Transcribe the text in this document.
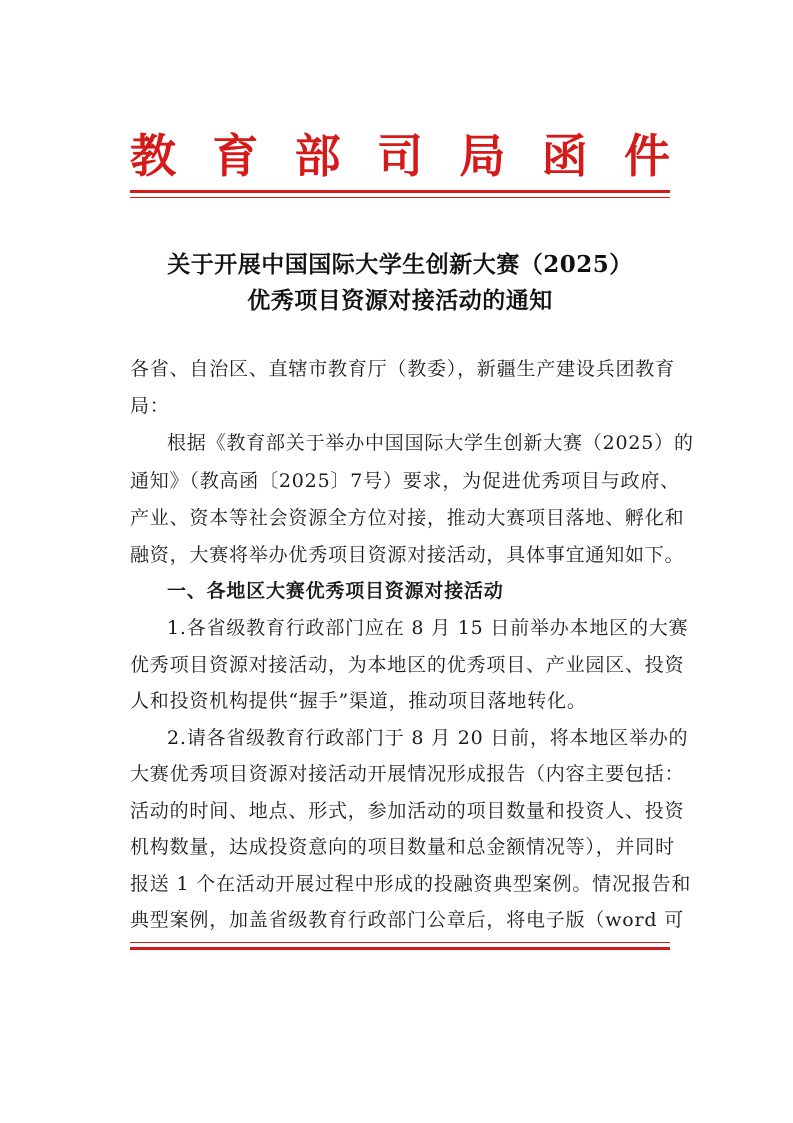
教 育 部 司 局 函 件
关于开展中国国际大学生创新大赛（2025）
优秀项目资源对接活动的通知
各省、自治区、直辖市教育厅（教委），新疆生产建设兵团教育
局：
根据《教育部关于举办中国国际大学生创新大赛（2025）的
通知》（教高函〔2025〕7号）要求，为促进优秀项目与政府、
产业、资本等社会资源全方位对接，推动大赛项目落地、孵化和
融资，大赛将举办优秀项目资源对接活动，具体事宜通知如下。
一、各地区大赛优秀项目资源对接活动
1.各省级教育行政部门应在 8 月 15 日前举办本地区的大赛
优秀项目资源对接活动，为本地区的优秀项目、产业园区、投资
人和投资机构提供“握手”渠道，推动项目落地转化。
2.请各省级教育行政部门于 8 月 20 日前，将本地区举办的
大赛优秀项目资源对接活动开展情况形成报告（内容主要包括：
活动的时间、地点、形式，参加活动的项目数量和投资人、投资
机构数量，达成投资意向的项目数量和总金额情况等），并同时
报送 1 个在活动开展过程中形成的投融资典型案例。情况报告和
典型案例，加盖省级教育行政部门公章后，将电子版（word 可
